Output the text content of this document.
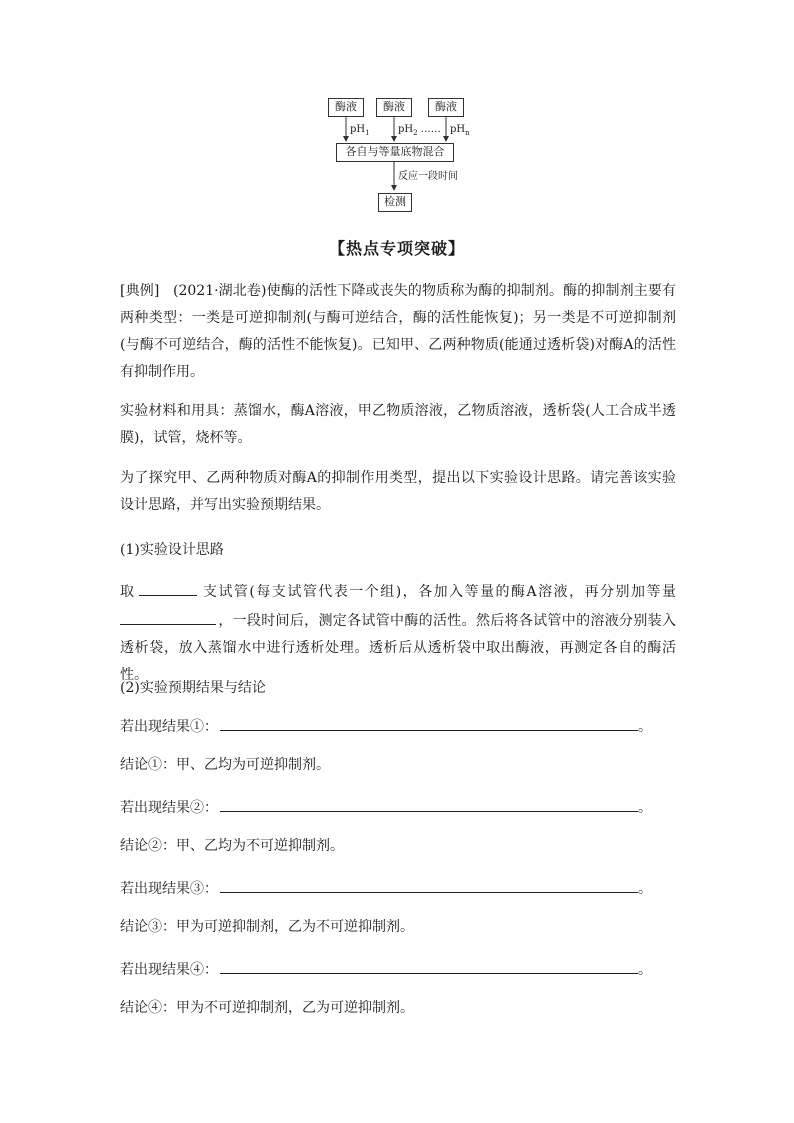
酶液	酶液	酶液
$pH_1$	$pH_2$ …… $pH_n$
各自与等量底物混合
反应一段时间
检测
【热点专项突破】

[典例] (2021·湖北卷)使酶的活性下降或丧失的物质称为酶的抑制剂。酶的抑制剂主要有两种类型：一类是可逆抑制剂(与酶可逆结合，酶的活性能恢复)；另一类是不可逆抑制剂(与酶不可逆结合，酶的活性不能恢复)。已知甲、乙两种物质(能通过透析袋)对酶A的活性有抑制作用。

实验材料和用具：蒸馏水，酶A溶液，甲乙物质溶液，乙物质溶液，透析袋(人工合成半透膜)，试管，烧杯等。

为了探究甲、乙两种物质对酶A的抑制作用类型，提出以下实验设计思路。请完善该实验设计思路，并写出实验预期结果。

(1)实验设计思路

取	支试管(每支试管代表一个组)，各加入等量的酶A溶液，再分别加等量，一段时间后，测定各试管中酶的活性。然后将各试管中的溶液分别装入透析袋，放入蒸馏水中进行透析处理。透析后从透析袋中取出酶液，再测定各自的酶活性。

(2)实验预期结果与结论

若出现结果①：	。
结论①：甲、乙均为可逆抑制剂。
若出现结果②：	。
结论②：甲、乙均为不可逆抑制剂。
若出现结果③：	。
结论③：甲为可逆抑制剂，乙为不可逆抑制剂。
若出现结果④：	。
结论④：甲为不可逆抑制剂，乙为可逆抑制剂。
